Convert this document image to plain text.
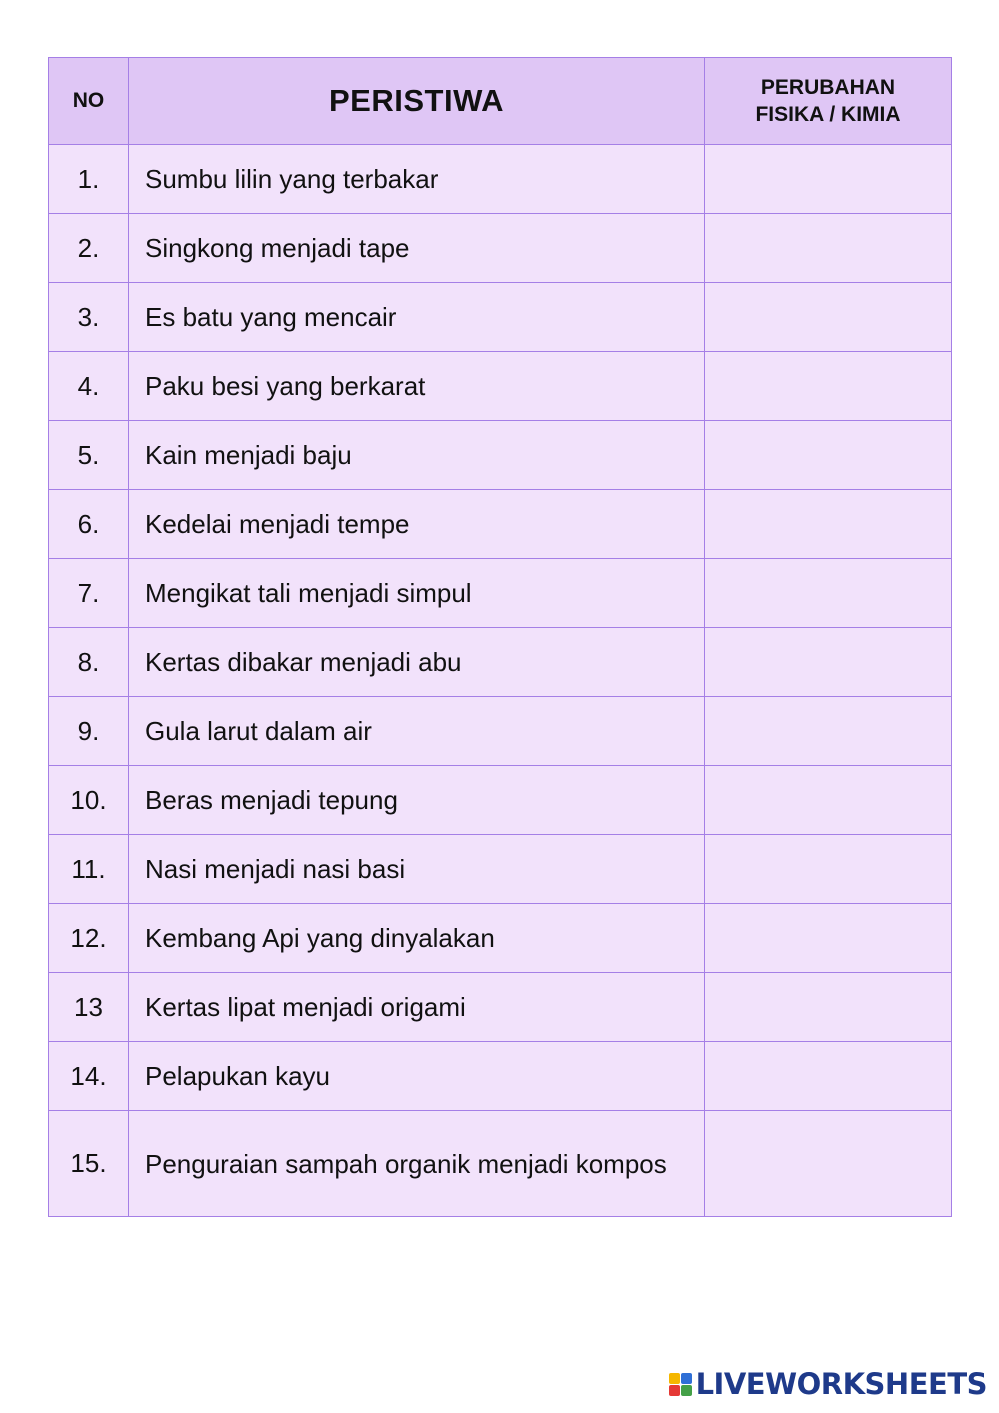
NO	PERISTIWA	PERUBAHAN
FISIKA / KIMIA

1.	Sumbu lilin yang terbakar	

2.	Singkong menjadi tape	

3.	Es batu yang mencair	

4.	Paku besi yang berkarat	

5.	Kain menjadi baju	

6.	Kedelai menjadi tempe	

7.	Mengikat tali menjadi simpul	

8.	Kertas dibakar menjadi abu	

9.	Gula larut dalam air	

10.	Beras menjadi tepung	

11.	Nasi menjadi nasi basi	

12.	Kembang Api yang dinyalakan	

13	Kertas lipat menjadi origami	

14.	Pelapukan kayu	

15.	Penguraian sampah organik menjadi kompos	

LIVEWORKSHEETS
